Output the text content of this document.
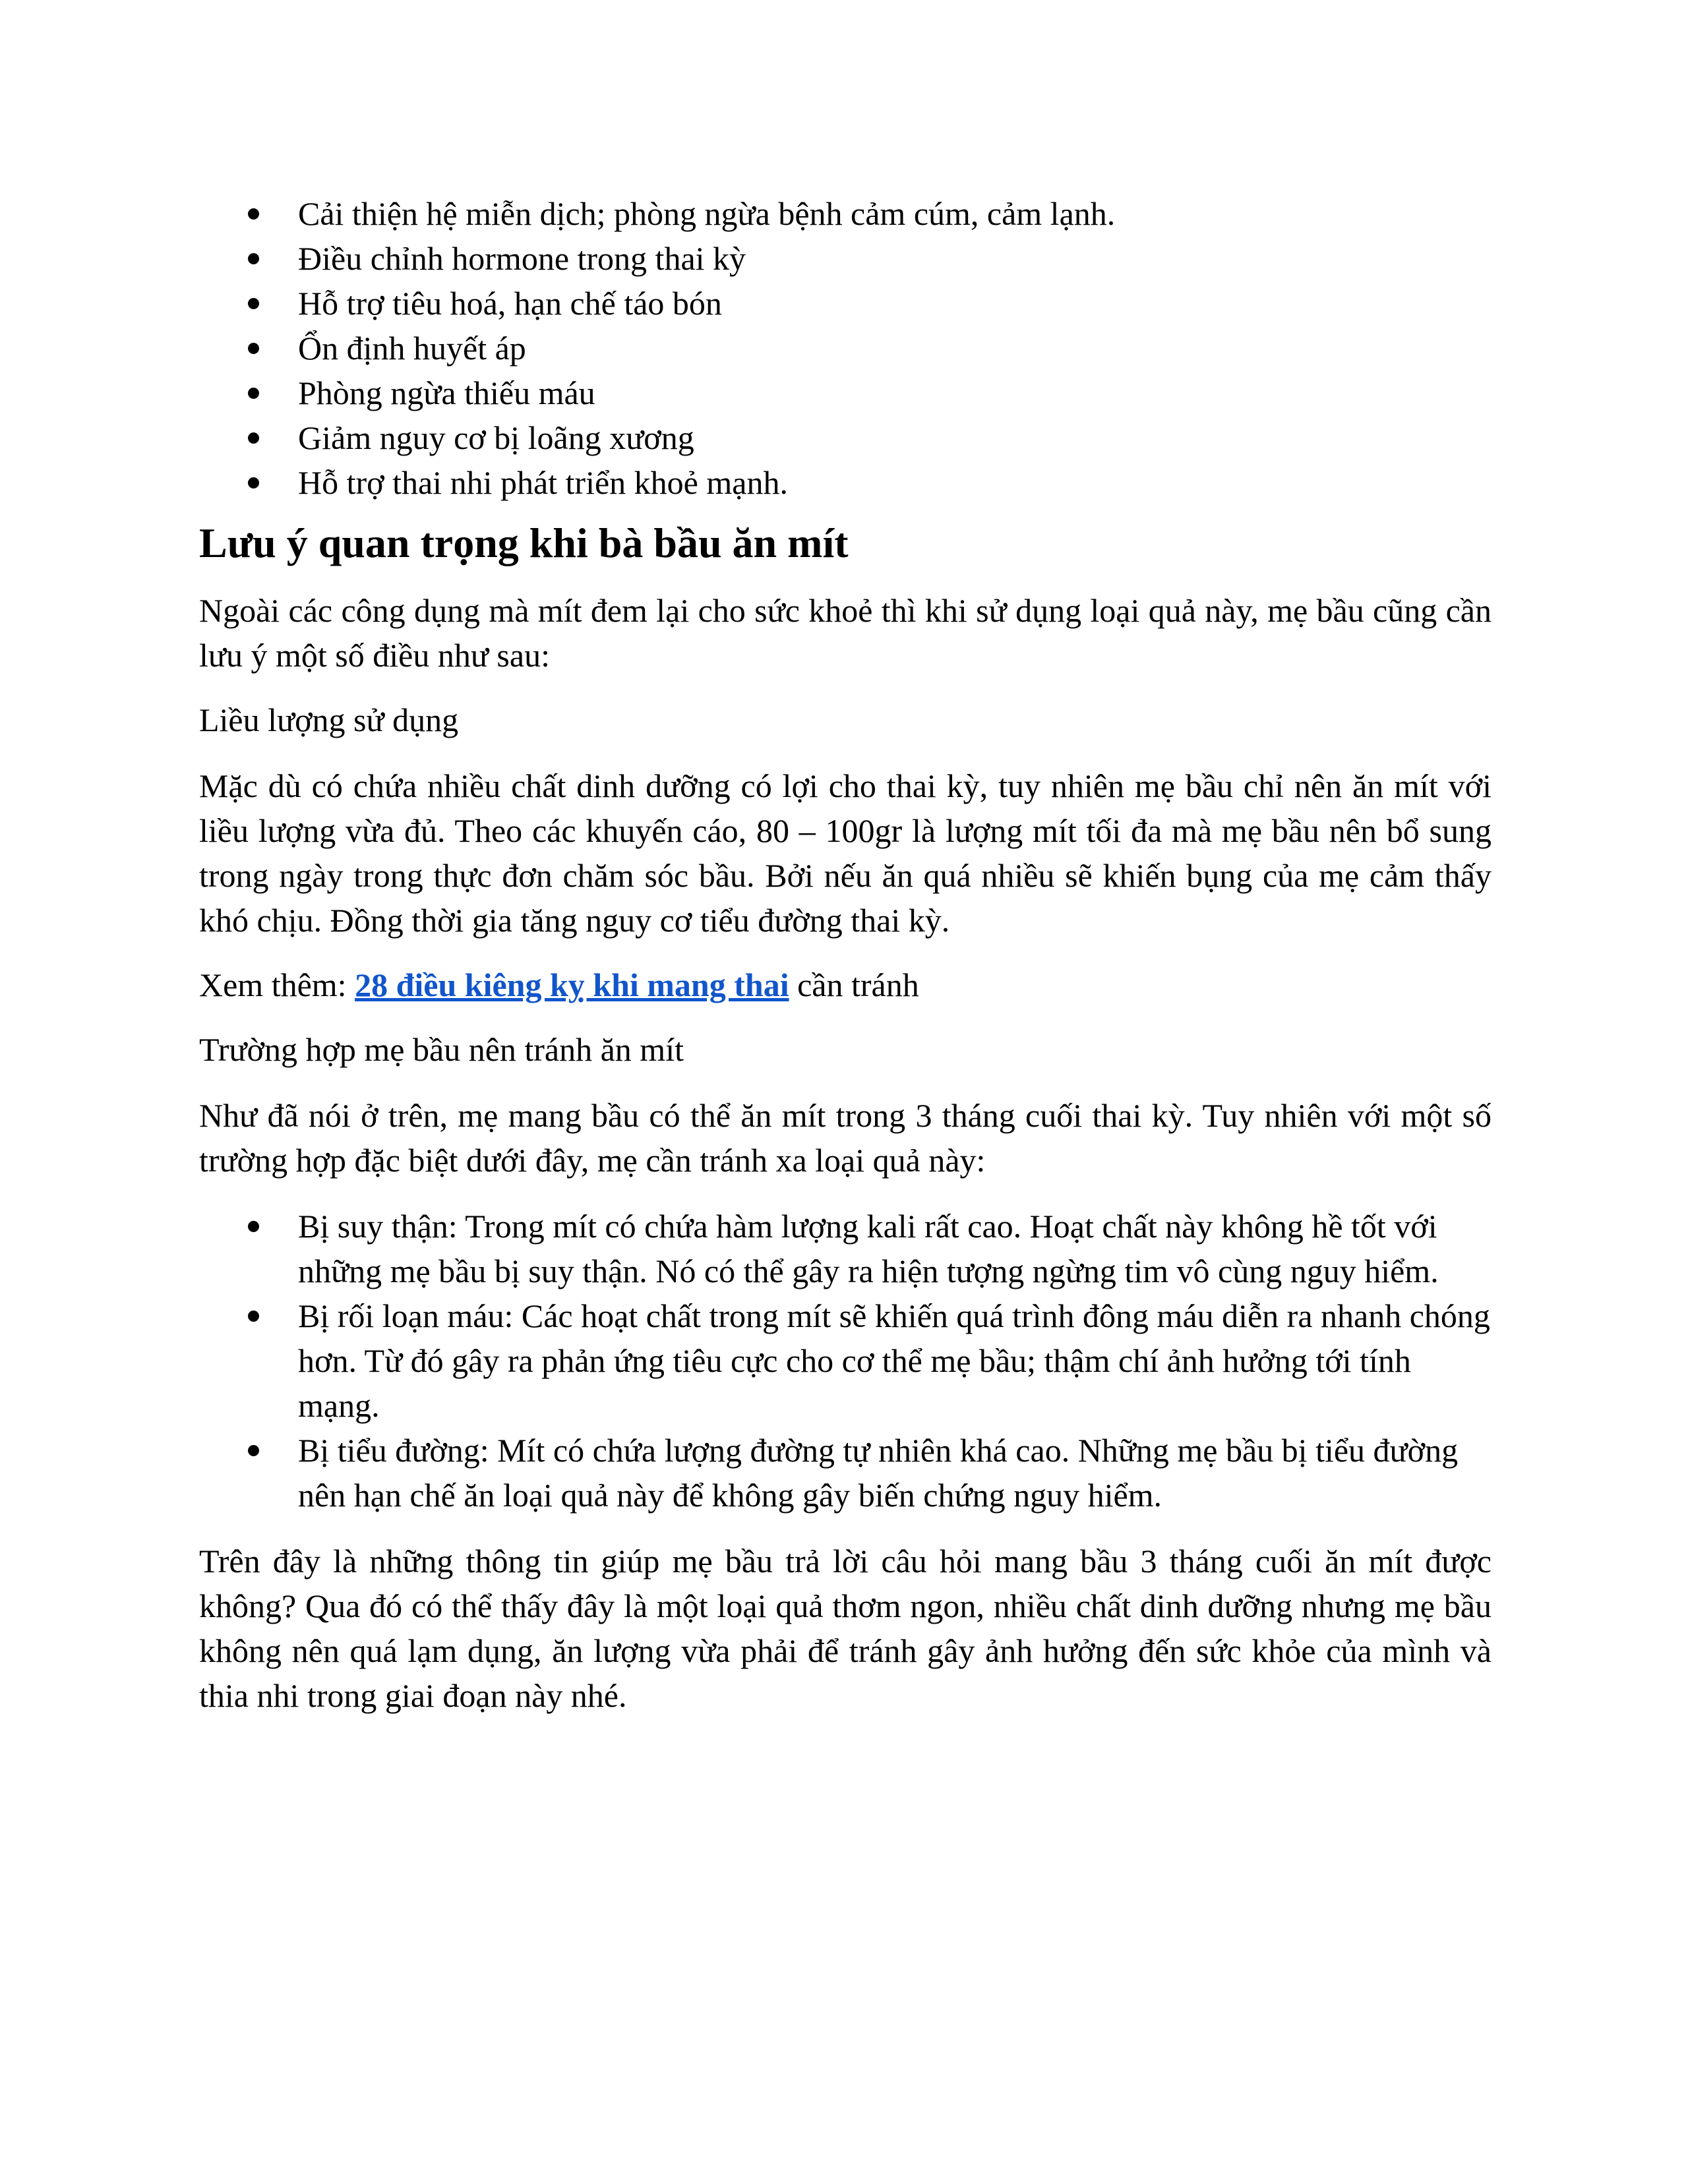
Cải thiện hệ miễn dịch; phòng ngừa bệnh cảm cúm, cảm lạnh.
Điều chỉnh hormone trong thai kỳ
Hỗ trợ tiêu hoá, hạn chế táo bón
Ổn định huyết áp
Phòng ngừa thiếu máu
Giảm nguy cơ bị loãng xương
Hỗ trợ thai nhi phát triển khoẻ mạnh.
Lưu ý quan trọng khi bà bầu ăn mít

Ngoài các công dụng mà mít đem lại cho sức khoẻ thì khi sử dụng loại quả này, mẹ bầu cũng cần lưu ý một số điều như sau:

Liều lượng sử dụng

Mặc dù có chứa nhiều chất dinh dưỡng có lợi cho thai kỳ, tuy nhiên mẹ bầu chỉ nên ăn mít với liều lượng vừa đủ. Theo các khuyến cáo, 80 – 100gr là lượng mít tối đa mà mẹ bầu nên bổ sung trong ngày trong thực đơn chăm sóc bầu. Bởi nếu ăn quá nhiều sẽ khiến bụng của mẹ cảm thấy khó chịu. Đồng thời gia tăng nguy cơ tiểu đường thai kỳ.

Xem thêm: 28 điều kiêng kỵ khi mang thai cần tránh

Trường hợp mẹ bầu nên tránh ăn mít

Như đã nói ở trên, mẹ mang bầu có thể ăn mít trong 3 tháng cuối thai kỳ. Tuy nhiên với một số trường hợp đặc biệt dưới đây, mẹ cần tránh xa loại quả này:

Bị suy thận: Trong mít có chứa hàm lượng kali rất cao. Hoạt chất này không hề tốt với những mẹ bầu bị suy thận. Nó có thể gây ra hiện tượng ngừng tim vô cùng nguy hiểm.
Bị rối loạn máu: Các hoạt chất trong mít sẽ khiến quá trình đông máu diễn ra nhanh chóng hơn. Từ đó gây ra phản ứng tiêu cực cho cơ thể mẹ bầu; thậm chí ảnh hưởng tới tính mạng.
Bị tiểu đường: Mít có chứa lượng đường tự nhiên khá cao. Những mẹ bầu bị tiểu đường nên hạn chế ăn loại quả này để không gây biến chứng nguy hiểm.

Trên đây là những thông tin giúp mẹ bầu trả lời câu hỏi mang bầu 3 tháng cuối ăn mít được không? Qua đó có thể thấy đây là một loại quả thơm ngon, nhiều chất dinh dưỡng nhưng mẹ bầu không nên quá lạm dụng, ăn lượng vừa phải để tránh gây ảnh hưởng đến sức khỏe của mình và thia nhi trong giai đoạn này nhé.
